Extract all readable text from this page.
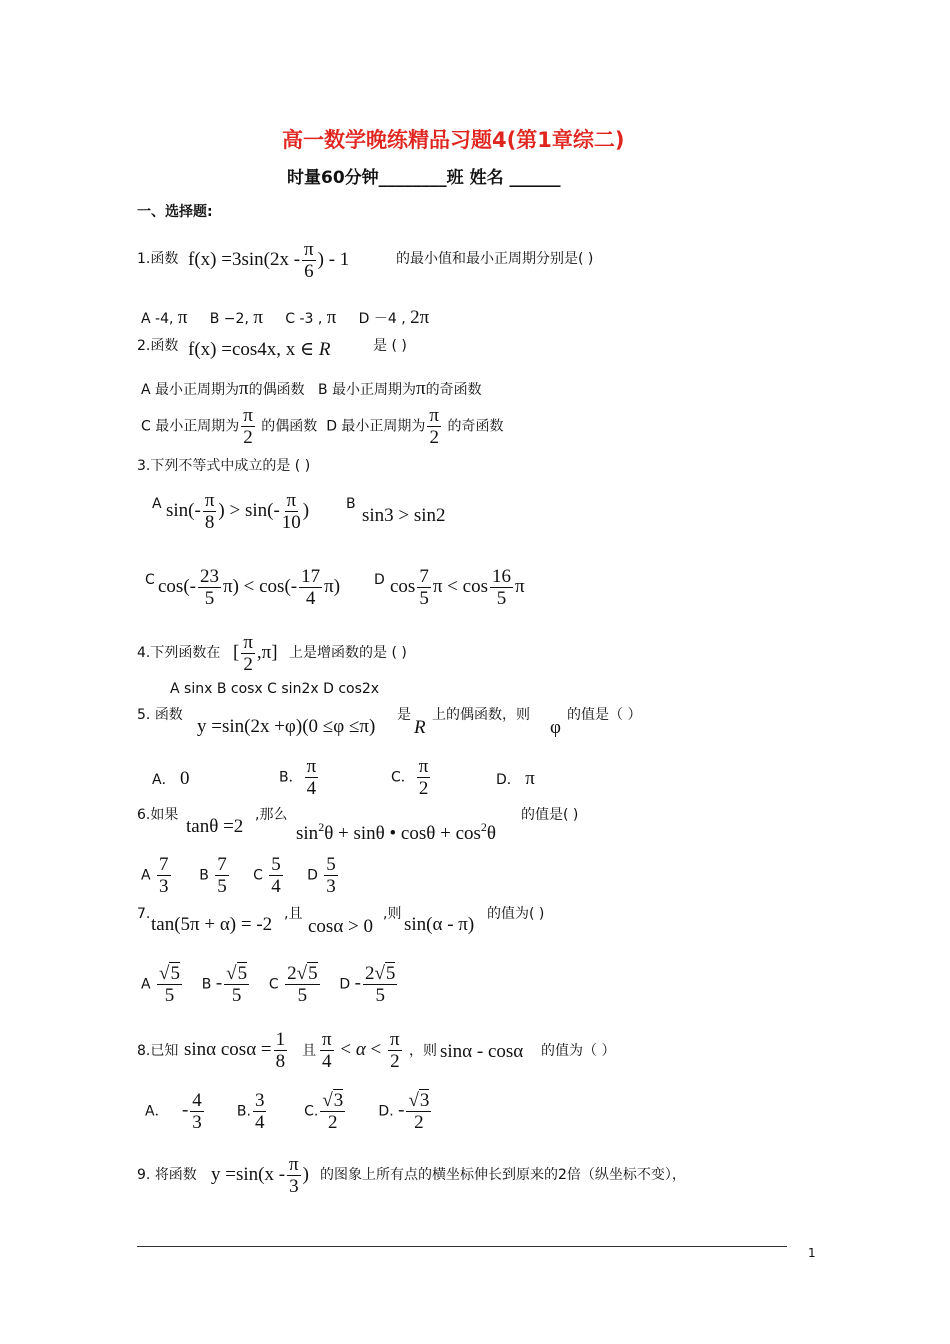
高一数学晚练精品习题4(第1章综二)
时量60分钟________班 姓名 ______
一、选择题:
1.函数 $f(x) =3\sin(2x - \frac{\pi}{6}$ ) - 1	的最小值和最小正周期分别是( )
A -4, π B −2, π C -3 , π D －4 , 2π
2.函数 f(x) =cos4x, x ∈ R	是 ( )
A 最小正周期为π的偶函数 B 最小正周期为π的奇函数
C 最小正周期为 $\frac{\pi}{2}$ 的偶函数 D 最小正周期为 $\frac{\pi}{2}$ 的奇函数
3.下列不等式中成立的是 ( )
A $\sin(- \frac{\pi}{8}$ ) > $\sin(- \frac{\pi}{10}$ )	B
sin3 > sin2
C $\cos(- \frac{23}{5} \pi) < \cos(- \frac{17}{4} \pi)$ D $\cos \frac{7}{5}$ $\pi < \cos \frac{16}{5}$ π
4.下列函数在 [ $\frac{\pi}{2} ,\pi$] 上是增函数的是 ( )
A sinx B cosx C sin2x D cos2x
5. 函数
y =sin(2x +φ)(0 ≤φ ≤π)
是
R
上的偶函数，则
φ
的值是（ ）
A． 0	B． $\frac{\pi}{4}$	C． $\frac{\pi}{2}$	D． π
6.如果
tanθ =2
,那么
$\sin^2\theta + \sin\theta$ • $\cos\theta + \cos^2\theta$
的值是( )
A $\frac{7}{3}$ B $\frac{7}{5}$ C $\frac{5}{4}$ D $\frac{5}{3}$
7. tan(5π + α) = -2 ,且
cosα > 0
,则 sin(α - π) 的值为( )
A $\frac{√5}{5}$ B - $\frac{√5}{5}$ C $\frac{2√5}{5}$ D - $\frac{2√5}{5}$
8.已知 sinα $\cos\alpha = \frac{1}{8}$ 且 $\frac{\pi}{4} < \alpha < \frac{\pi}{2}$ ，则 sinα - cosα 的值为（ ）
A． - $\frac{4}{3} B$. $\frac{3}{4}$	C. $\frac{√3}{2} D$. - $\frac{√3}{2}$
9. 将函数 $y =\sin(x - \frac{\pi}{3}$ ) 的图象上所有点的横坐标伸长到原来的2倍（纵坐标不变），
1
